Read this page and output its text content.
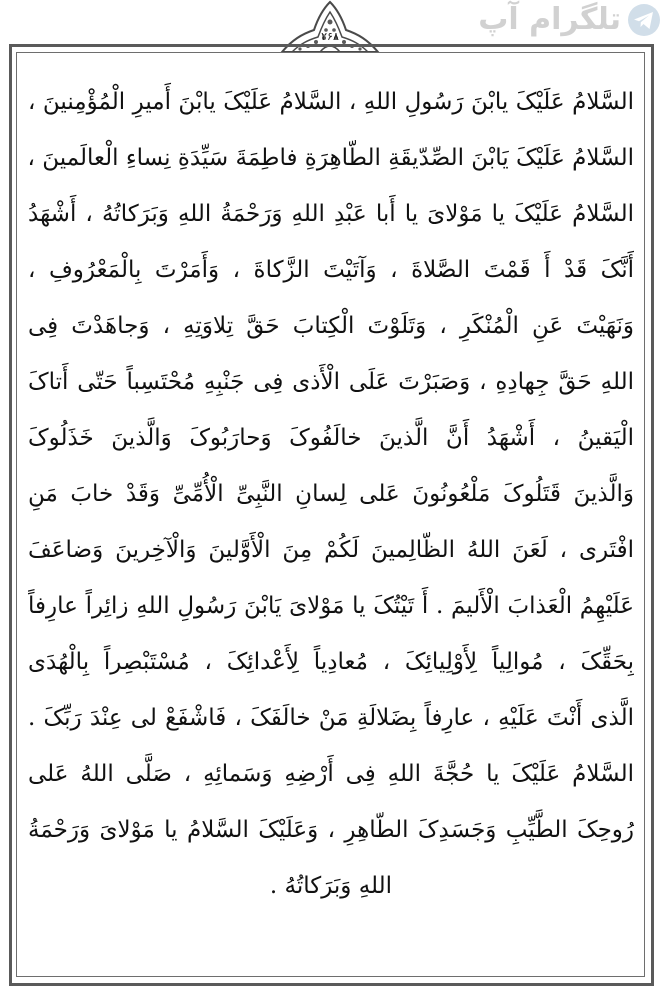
۲۶۸	تلگرام آپ
السَّلامُ عَلَیْکَ یابْنَ رَسُولِ اللهِ ، السَّلامُ عَلَیْکَ یابْنَ أَمیرِ الْمُؤْمِنینَ ،
السَّلامُ عَلَیْکَ یَابْنَ الصِّدّیقَةِ الطّاهِرَةِ فاطِمَةَ سَیِّدَةِ نِساءِ الْعالَمینَ ،
السَّلامُ عَلَیْکَ یا مَوْلایَ یا أَبا عَبْدِ اللهِ وَرَحْمَةُ اللهِ وَبَرَکاتُهُ ، أَشْهَدُ
أَنَّکَ قَدْ أَ قَمْتَ الصَّلاةَ ، وَآتَیْتَ الزَّکاةَ ، وَأَمَرْتَ بِالْمَعْرُوفِ ،
وَنَهَیْتَ عَنِ الْمُنْکَرِ ، وَتَلَوْتَ الْکِتابَ حَقَّ تِلاوَتِهِ ، وَجاهَدْتَ فِی
اللهِ حَقَّ جِهادِهِ ، وَصَبَرْتَ عَلَی الْأَذی فِی جَنْبِهِ مُحْتَسِباً حَتّی أَتاکَ
الْیَقینُ ، أَشْهَدُ أَنَّ الَّذینَ خالَفُوکَ وَحارَبُوکَ وَالَّذینَ خَذَلُوکَ
وَالَّذینَ قَتَلُوکَ مَلْعُونُونَ عَلی لِسانِ النَّبِیِّ الْأُمِّیِّ وَقَدْ خابَ مَنِ
افْتَری ، لَعَنَ اللهُ الظّالِمینَ لَکُمْ مِنَ الْأَوَّلینَ وَالْآخِرینَ وَضاعَفَ
عَلَیْهِمُ الْعَذابَ الْأَلیمَ . أَ تَیْتُکَ یا مَوْلایَ یَابْنَ رَسُولِ اللهِ زائِراً عارِفاً
بِحَقِّکَ ، مُوالِیاً لِأَوْلِیائِکَ ، مُعادِیاً لِأَعْدائِکَ ، مُسْتَبْصِراً بِالْهُدَی
الَّذی أَنْتَ عَلَیْهِ ، عارِفاً بِضَلالَةِ مَنْ خالَفَکَ ، فَاشْفَعْ لی عِنْدَ رَبِّکَ .
السَّلامُ عَلَیْکَ یا حُجَّةَ اللهِ فِی أَرْضِهِ وَسَمائِهِ ، صَلَّی اللهُ عَلی
رُوحِکَ الطَّیِّبِ وَجَسَدِکَ الطّاهِرِ ، وَعَلَیْکَ السَّلامُ یا مَوْلایَ وَرَحْمَةُ
اللهِ وَبَرَکاتُهُ .
